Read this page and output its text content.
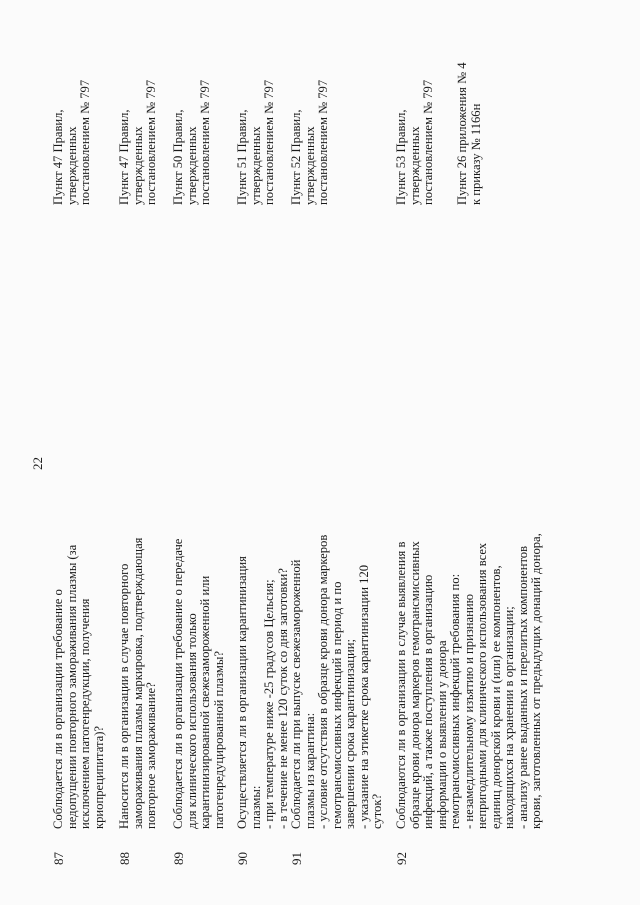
22
87
Соблюдается ли в организации требование о недопущении повторного замораживания плазмы (за исключением патогенредукции, получения криопреципитата)?
Пункт 47 Правил, утвержденных постановлением № 797
88
Наносится ли в организации в случае повторного замораживания плазмы маркировка, подтверждающая повторное замораживание?
Пункт 47 Правил, утвержденных постановлением № 797
89
Соблюдается ли в организации требование о передаче для клинического использования только карантинизированной свежезамороженной или патогенредуцированной плазмы?
Пункт 50 Правил, утвержденных постановлением № 797
90
Осуществляется ли в организации карантинизация плазмы: - при температуре ниже -25 градусов Цельсия; - в течение не менее 120 суток со дня заготовки?
Пункт 51 Правил, утвержденных постановлением № 797
91
Соблюдается ли при выпуске свежезамороженной плазмы из карантина: - условие отсутствия в образце крови донора маркеров гемотрансмиссивных инфекций в период и по завершении срока карантинизации; - указание на этикетке срока карантинизации 120 суток?
Пункт 52 Правил, утвержденных постановлением № 797
92
Соблюдаются ли в организации в случае выявления в образце крови донора маркеров гемотрансмиссивных инфекций, а также поступления в организацию информации о выявлении у донора гемотрансмиссивных инфекций требования по: - незамедлительному изъятию и признанию непригодными для клинического использования всех единиц донорской крови и (или) ее компонентов, находящихся на хранении в организации; - анализу ранее выданных и перелитых компонентов крови, заготовленных от предыдущих донаций донора,
Пункт 53 Правил, утвержденных постановлением № 797 Пункт 26 приложения № 4 к приказу № 1166н
